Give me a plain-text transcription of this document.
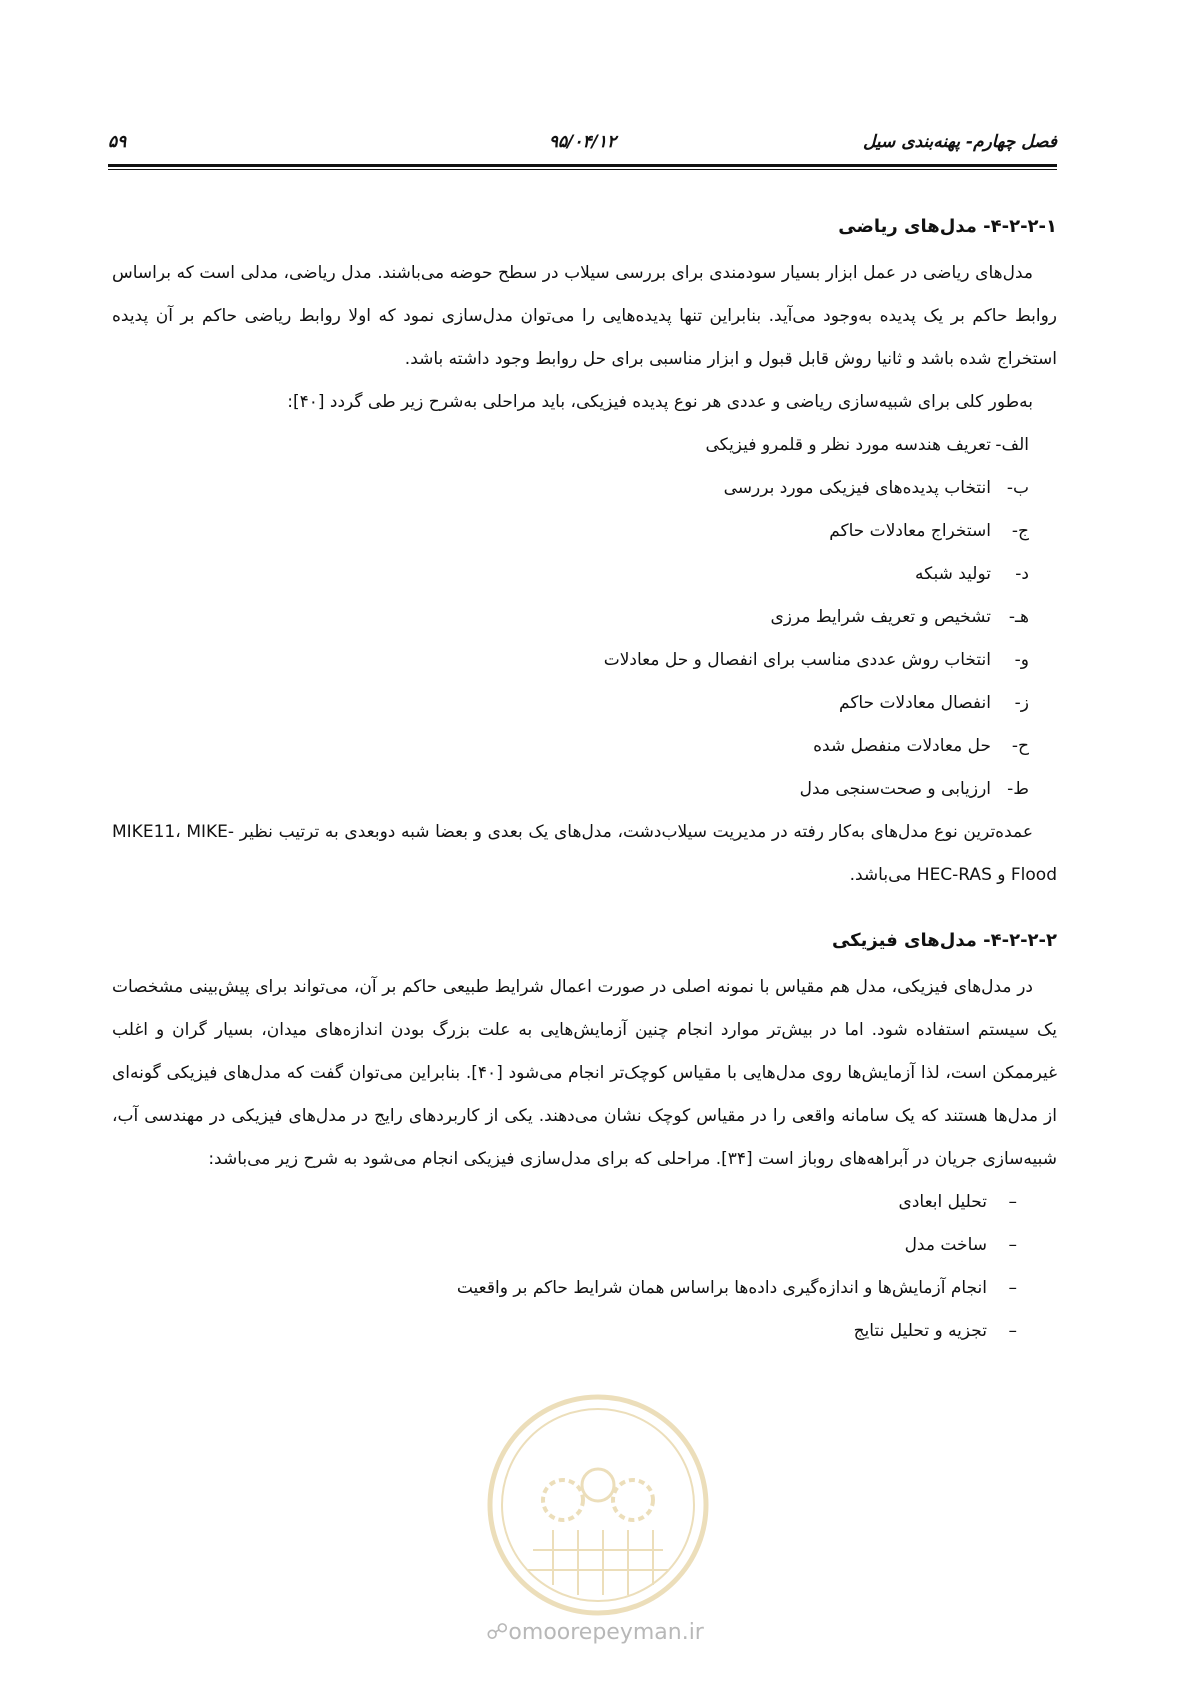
فصل چهارم- پهنه‌بندی سیل
۹۵/۰۴/۱۲
۵۹
۴-۲-۲-۱- مدل‌های ریاضی

مدل‌های ریاضی در عمل ابزار بسیار سودمندی برای بررسی سیلاب در سطح حوضه می‌باشند. مدل ریاضی، مدلی است که براساس روابط حاکم بر یک پدیده به‌وجود می‌آید. بنابراین تنها پدیده‌هایی را می‌توان مدل‌سازی نمود که اولا روابط ریاضی حاکم بر آن پدیده استخراج شده باشد و ثانیا روش قابل قبول و ابزار مناسبی برای حل روابط وجود داشته باشد.

به‌طور کلی برای شبیه‌سازی ریاضی و عددی هر نوع پدیده فیزیکی، باید مراحلی به‌شرح زیر طی گردد [۴۰]:

الف-تعریف هندسه مورد نظر و قلمرو فیزیکی
ب-انتخاب پدیده‌های فیزیکی مورد بررسی
ج-استخراج معادلات حاکم
د-تولید شبکه
هـ-تشخیص و تعریف شرایط مرزی
و-انتخاب روش عددی مناسب برای انفصال و حل معادلات
ز-انفصال معادلات حاکم
ح-حل معادلات منفصل شده
ط-ارزیابی و صحت‌سنجی مدل

عمده‌ترین نوع مدل‌های به‌کار رفته در مدیریت سیلاب‌دشت، مدل‌های یک بعدی و بعضا شبه دوبعدی به ترتیب نظیر MIKE11، MIKE-Flood و HEC-RAS می‌باشد.

۴-۲-۲-۲- مدل‌های فیزیکی

در مدل‌های فیزیکی، مدل هم مقیاس با نمونه اصلی در صورت اعمال شرایط طبیعی حاکم بر آن، می‌تواند برای پیش‌بینی مشخصات یک سیستم استفاده شود. اما در بیش‌تر موارد انجام چنین آزمایش‌هایی به علت بزرگ بودن اندازه‌های میدان، بسیار گران و اغلب غیرممکن است، لذا آزمایش‌ها روی مدل‌هایی با مقیاس کوچک‌تر انجام می‌شود [۴۰]. بنابراین می‌توان گفت که مدل‌های فیزیکی گونه‌ای از مدل‌ها هستند که یک سامانه واقعی را در مقیاس کوچک نشان می‌دهند. یکی از کاربردهای رایج در مدل‌های فیزیکی در مهندسی آب، شبیه‌سازی جریان در آبراهه‌های روباز است [۳۴]. مراحلی که برای مدل‌سازی فیزیکی انجام می‌شود به شرح زیر می‌باشد:

–تحلیل ابعادی
–ساخت مدل
–انجام آزمایش‌ها و اندازه‌گیری داده‌ها براساس همان شرایط حاکم بر واقعیت
–تجزیه و تحلیل نتایج
☍omoorepeyman.ir
